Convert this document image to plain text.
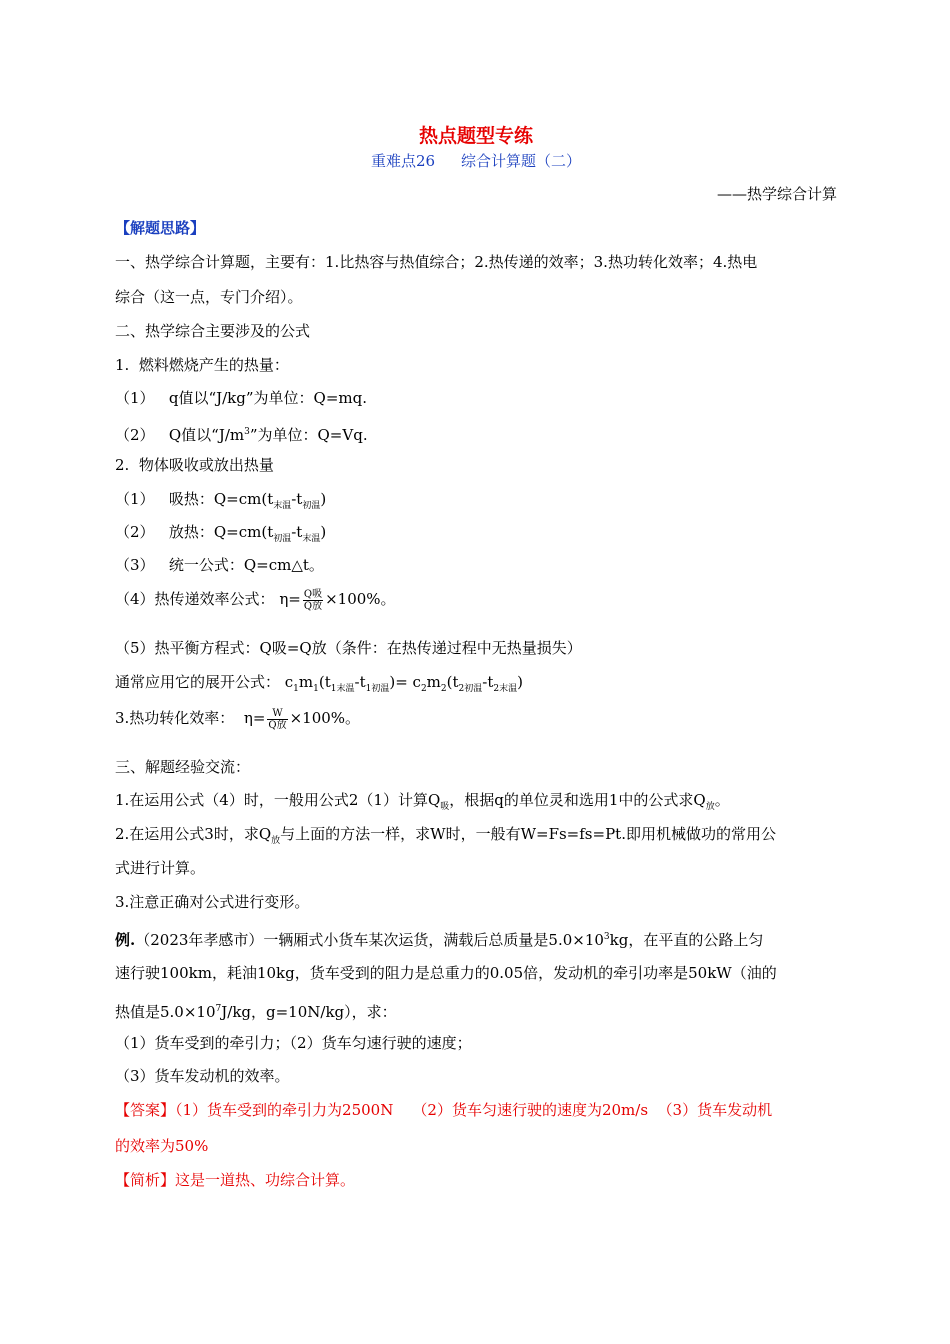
热点题型专练
重难点26 综合计算题（二）
——热学综合计算
【解题思路】
一、热学综合计算题，主要有：1.比热容与热值综合；2.热传递的效率；3.热功转化效率；4.热电
综合（这一点，专门介绍）。
二、热学综合主要涉及的公式
1.  燃料燃烧产生的热量：
（1）   q值以“J/kg”为单位：Q=mq.
（2）   Q值以“$J/m^3$”为单位：Q=Vq.
2.  物体吸收或放出热量
（1）   吸热：$Q=cm(t_{末温}-t_{初温})$
（2）   放热：$Q=cm(t_{初温}-t_{末温})$
（3）   统一公式：Q=cm△t。
（4）热传递效率公式： $\eta= \frac{\text{Q吸}}{\text{Q放}} \times 100\%$。
（5）热平衡方程式：Q吸=Q放（条件：在热传递过程中无热量损失）
通常应用它的展开公式： $c_1m_1(t_{1末温}-t_{1初温})= c_2m_2(t_{2初温}-t_{2末温})$
3.热功转化效率：  $\eta= \frac{W}{\text{Q放}} \times 100\%$。
三、解题经验交流：
1.在运用公式（4）时，一般用公式2（1）计算$Q_吸$，根据q的单位灵和选用1中的公式求$Q_放$。
2.在运用公式3时，求$Q_放$与上面的方法一样，求W时，一般有W=Fs=fs=Pt.即用机械做功的常用公
式进行计算。
3.注意正确对公式进行变形。
例.（2023年孝感市）一辆厢式小货车某次运货，满载后总质量是$5.0\times 10^3kg$，在平直的公路上匀
速行驶100km，耗油10kg，货车受到的阻力是总重力的0.05倍，发动机的牵引功率是50kW（油的
热值是$5.0\times 10^7J/kg$，g=10N/kg），求：
（1）货车受到的牵引力；（2）货车匀速行驶的速度；
（3）货车发动机的效率。
【答案】（1）货车受到的牵引力为2500N    （2）货车匀速行驶的速度为20m/s  （3）货车发动机
的效率为50%
【简析】这是一道热、功综合计算。
